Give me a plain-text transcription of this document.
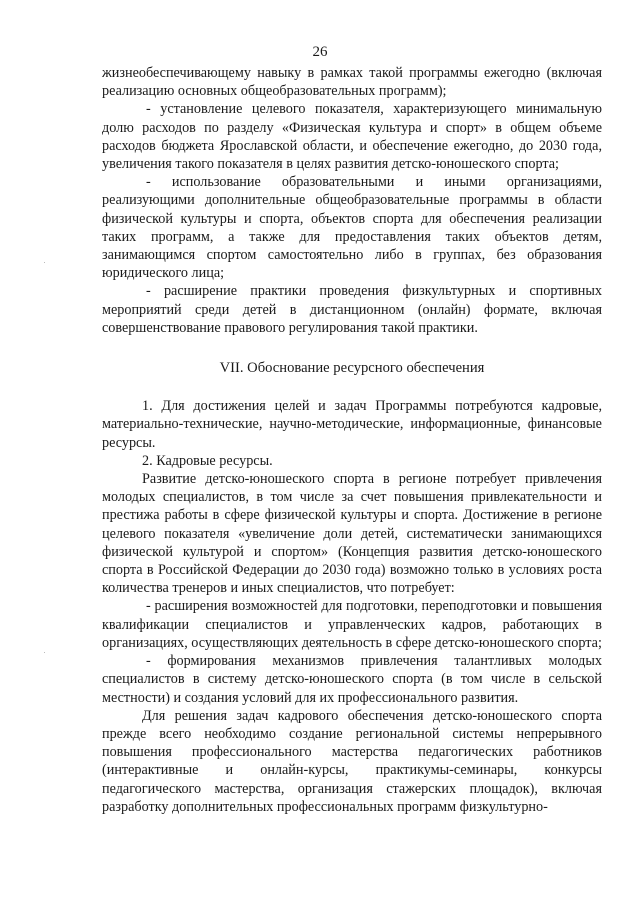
26

жизнеобеспечивающему навыку в рамках такой программы ежегодно (включая реализацию основных общеобразовательных программ);

- установление целевого показателя, характеризующего минимальную долю расходов по разделу «Физическая культура и спорт» в общем объеме расходов бюджета Ярославской области, и обеспечение ежегодно, до 2030 года, увеличения такого показателя в целях развития детско-юношеского спорта;

- использование образовательными и иными организациями, реализующими дополнительные общеобразовательные программы в области физической культуры и спорта, объектов спорта для обеспечения реализации таких программ, а также для предоставления таких объектов детям, занимающимся спортом самостоятельно либо в группах, без образования юридического лица;

- расширение практики проведения физкультурных и спортивных мероприятий среди детей в дистанционном (онлайн) формате, включая совершенствование правового регулирования такой практики.

VII. Обоснование ресурсного обеспечения

1. Для достижения целей и задач Программы потребуются кадровые, материально-технические, научно-методические, информационные, финансовые ресурсы.

2. Кадровые ресурсы.

Развитие детско-юношеского спорта в регионе потребует привлечения молодых специалистов, в том числе за счет повышения привлекательности и престижа работы в сфере физической культуры и спорта. Достижение в регионе целевого показателя «увеличение доли детей, систематически занимающихся физической культурой и спортом» (Концепция развития детско-юношеского спорта в Российской Федерации до 2030 года) возможно только в условиях роста количества тренеров и иных специалистов, что потребует:

- расширения возможностей для подготовки, переподготовки и повышения квалификации специалистов и управленческих кадров, работающих в организациях, осуществляющих деятельность в сфере детско-юношеского спорта;

- формирования механизмов привлечения талантливых молодых специалистов в систему детско-юношеского спорта (в том числе в сельской местности) и создания условий для их профессионального развития.

Для решения задач кадрового обеспечения детско-юношеского спорта прежде всего необходимо создание региональной системы непрерывного повышения профессионального мастерства педагогических работников (интерактивные и онлайн-курсы, практикумы-семинары, конкурсы педагогического мастерства, организация стажерских площадок), включая разработку дополнительных профессиональных программ физкультурно-
